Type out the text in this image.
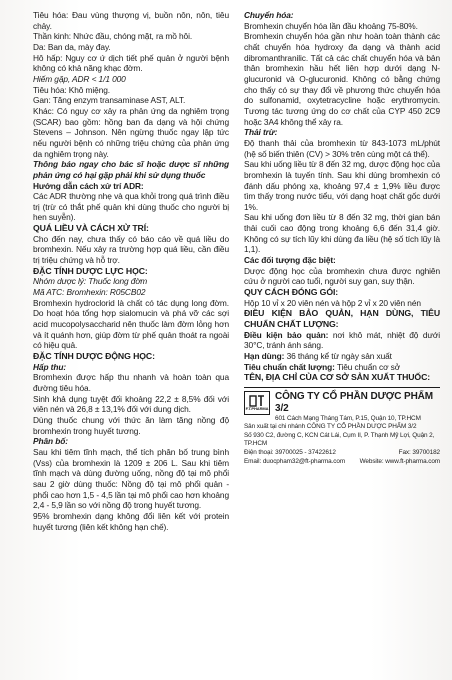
Tiêu hóa: Đau vùng thượng vị, buồn nôn, nôn, tiêu chảy.

Thần kinh: Nhức đầu, chóng mặt, ra mồ hôi.

Da: Ban da, mày đay.

Hô hấp: Nguy cơ ứ dịch tiết phế quản ở người bệnh không có khả năng khạc đờm.

Hiếm gặp, ADR < 1/1 000

Tiêu hóa: Khô miệng.

Gan: Tăng enzym transaminase AST, ALT.

Khác: Có nguy cơ xảy ra phản ứng da nghiêm trọng (SCAR) bao gồm: hồng ban đa dạng và hội chứng Stevens – Johnson. Nên ngừng thuốc ngay lập tức nếu người bệnh có những triệu chứng của phản ứng da nghiêm trọng này.

Thông báo ngay cho bác sĩ hoặc dược sĩ những phản ứng có hại gặp phải khi sử dụng thuốc

Hướng dẫn cách xử trí ADR:

Các ADR thường nhẹ và qua khỏi trong quá trình điều trị (trừ có thắt phế quản khi dùng thuốc cho người bị hen suyễn).

QUÁ LIỀU VÀ CÁCH XỬ TRÍ:

Cho đến nay, chưa thấy có báo cáo về quá liều do bromhexin. Nếu xảy ra trường hợp quá liều, cần điều trị triệu chứng và hỗ trợ.

ĐẶC TÍNH DƯỢC LỰC HỌC:

Nhóm dược lý: Thuốc long đờm

Mã ATC: Bromhexin: R05CB02

Bromhexin hydroclorid là chất có tác dụng long đờm. Do hoạt hóa tổng hợp sialomucin và phá vỡ các sợi acid mucopolysaccharid nên thuốc làm đờm lỏng hơn và ít quánh hơn, giúp đờm từ phế quản thoát ra ngoài có hiệu quả.

ĐẶC TÍNH DƯỢC ĐỘNG HỌC:

Hấp thu:

Bromhexin được hấp thu nhanh và hoàn toàn qua đường tiêu hóa.

Sinh khả dụng tuyệt đối khoảng 22,2 ± 8,5% đối với viên nén và 26,8 ± 13,1% đối với dung dịch.

Dùng thuốc chung với thức ăn làm tăng nồng độ bromhexin trong huyết tương.

Phân bố:

Sau khi tiêm tĩnh mạch, thể tích phân bố trung bình (Vss) của bromhexin là 1209 ± 206 L. Sau khi tiêm tĩnh mạch và dùng đường uống, nồng độ tại mô phổi sau 2 giờ dùng thuốc: Nồng độ tại mô phổi quản - phổi cao hơn 1,5 - 4,5 lần tại mô phổi cao hơn khoảng 2,4 - 5,9 lần so với nồng độ trong huyết tương.

95% bromhexin dạng không đổi liên kết với protein huyết tương (liên kết không hạn chế).

Chuyển hóa:

Bromhexin chuyển hóa lần đầu khoảng 75-80%.

Bromhexin chuyển hóa gần như hoàn toàn thành các chất chuyển hóa hydroxy đa dạng và thành acid dibromanthranilic. Tất cả các chất chuyển hóa và bản thân bromhexin hầu hết liên hợp dưới dạng N-glucuronid và O-glucuronid. Không có bằng chứng cho thấy có sự thay đổi về phương thức chuyển hóa do sulfonamid, oxytetracycline hoặc erythromycin. Tương tác tương ứng do cơ chất của CYP 450 2C9 hoặc 3A4 không thể xảy ra.

Thải trừ:

Độ thanh thải của bromhexin từ 843-1073 mL/phút (hệ số biến thiên (CV) > 30% trên cùng một cá thể).

Sau khi uống liều từ 8 đến 32 mg, dược động học của bromhexin là tuyến tính. Sau khi dùng bromhexin có đánh dấu phóng xạ, khoảng 97,4 ± 1,9% liều được tìm thấy trong nước tiểu, với dạng hoạt chất gốc dưới 1%.

Sau khi uống đơn liều từ 8 đến 32 mg, thời gian bán thải cuối cao động trong khoảng 6,6 đến 31,4 giờ. Không có sự tích lũy khi dùng đa liều (hệ số tích lũy là 1,1).

Các đối tượng đặc biệt:

Dược động học của bromhexin chưa được nghiên cứu ở người cao tuổi, người suy gan, suy thận.

QUY CÁCH ĐÓNG GÓI:

Hộp 10 vỉ x 20 viên nén và hộp 2 vỉ x 20 viên nén

ĐIỀU KIỆN BẢO QUẢN, HẠN DÙNG, TIÊU CHUẨN CHẤT LƯỢNG:

Điều kiện bảo quản: nơi khô mát, nhiệt độ dưới 30°C, tránh ánh sáng.

Hạn dùng: 36 tháng kể từ ngày sản xuất

Tiêu chuẩn chất lượng: Tiêu chuẩn cơ sở

TÊN, ĐỊA CHỈ CỦA CƠ SỞ SẢN XUẤT THUỐC:

F.T.PHARMA
CÔNG TY CỔ PHẦN DƯỢC PHẨM 3/2
601 Cách Mạng Tháng Tám, P.15, Quận 10, TP.HCM
Sản xuất tại chi nhánh CÔNG TY CỔ PHẦN DƯỢC PHẨM 3/2
Số 930 C2, đường C, KCN Cát Lái, Cụm II, P. Thạnh Mỹ Lợi, Quận 2, TP.HCM
Điện thoại: 39700025 - 37422612	Fax: 39700182
Email: duocpham32@ft-pharma.com Website: www.ft-pharma.com
